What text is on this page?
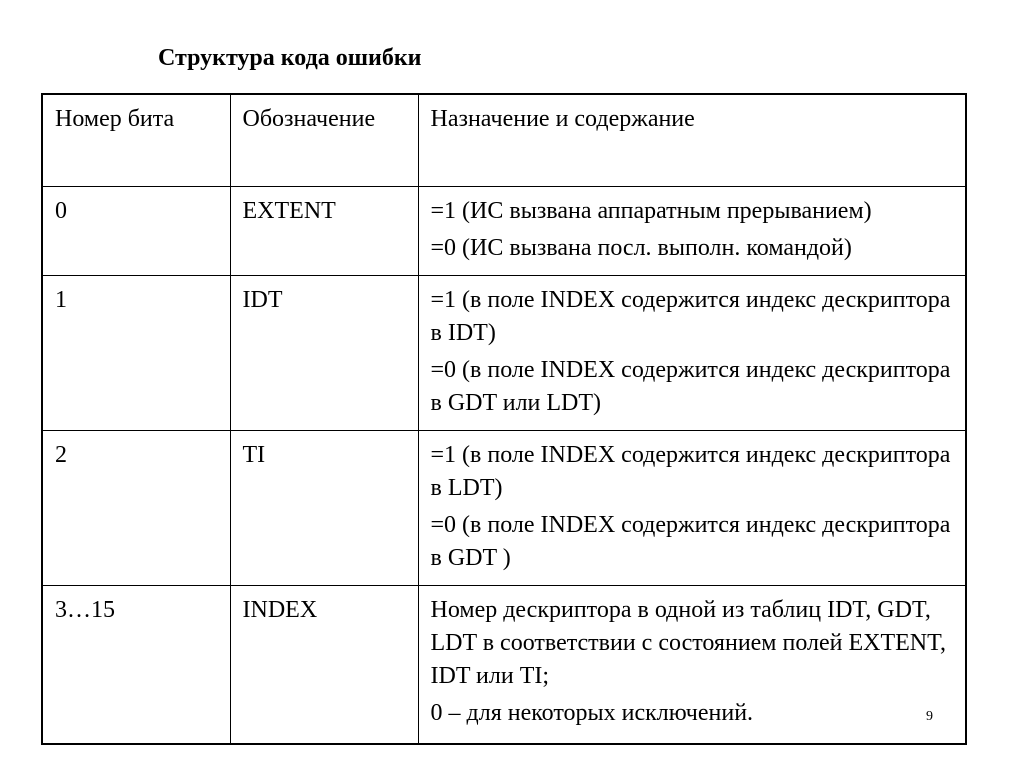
Структура кода ошибки
Номер бита	Обозначение	Назначение и содержание
0	EXTENT	=1 (ИС вызвана аппаратным прерыванием)
=0 (ИС вызвана посл. выполн. командой)

1	IDT	=1 (в поле INDEX содержится индекс дескриптора в IDT)
=0 (в поле INDEX содержится индекс дескриптора в GDT или LDT)

2	TI	=1 (в поле INDEX содержится индекс дескриптора в LDT)
=0 (в поле INDEX содержится индекс дескриптора в GDT )

3…15	INDEX	Номер дескриптора в одной из таблиц IDT, GDT, LDT в соответствии с состоянием полей EXTENT, IDT или TI;
0 – для некоторых исключений.	9
